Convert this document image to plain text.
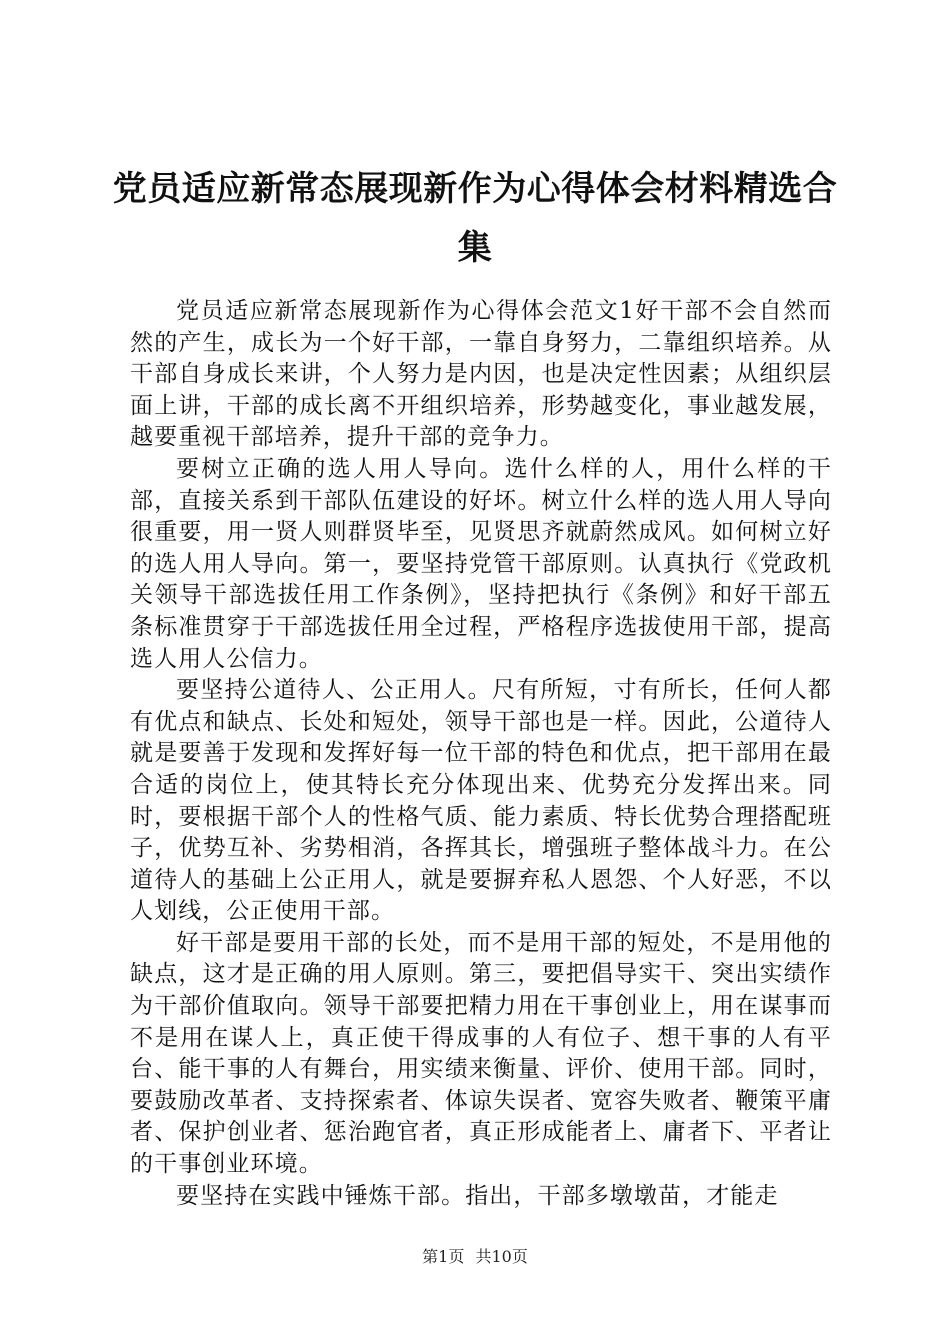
党员适应新常态展现新作为心得体会材料精选合集

党员适应新常态展现新作为心得体会范文1好干部不会自然而然的产生，成长为一个好干部，一靠自身努力，二靠组织培养。从干部自身成长来讲，个人努力是内因，也是决定性因素；从组织层面上讲，干部的成长离不开组织培养，形势越变化，事业越发展，越要重视干部培养，提升干部的竞争力。

要树立正确的选人用人导向。选什么样的人，用什么样的干部，直接关系到干部队伍建设的好坏。树立什么样的选人用人导向很重要，用一贤人则群贤毕至，见贤思齐就蔚然成风。如何树立好的选人用人导向。第一，要坚持党管干部原则。认真执行《党政机关领导干部选拔任用工作条例》，坚持把执行《条例》和好干部五条标准贯穿于干部选拔任用全过程，严格程序选拔使用干部，提高选人用人公信力。

要坚持公道待人、公正用人。尺有所短，寸有所长，任何人都有优点和缺点、长处和短处，领导干部也是一样。因此，公道待人就是要善于发现和发挥好每一位干部的特色和优点，把干部用在最合适的岗位上，使其特长充分体现出来、优势充分发挥出来。同时，要根据干部个人的性格气质、能力素质、特长优势合理搭配班子，优势互补、劣势相消，各挥其长，增强班子整体战斗力。在公道待人的基础上公正用人，就是要摒弃私人恩怨、个人好恶，不以人划线，公正使用干部。

好干部是要用干部的长处，而不是用干部的短处，不是用他的缺点，这才是正确的用人原则。第三，要把倡导实干、突出实绩作为干部价值取向。领导干部要把精力用在干事创业上，用在谋事而不是用在谋人上，真正使干得成事的人有位子、想干事的人有平台、能干事的人有舞台，用实绩来衡量、评价、使用干部。同时，要鼓励改革者、支持探索者、体谅失误者、宽容失败者、鞭策平庸者、保护创业者、惩治跑官者，真正形成能者上、庸者下、平者让的干事创业环境。

要坚持在实践中锤炼干部。指出，干部多墩墩苗，才能走

第1页 共10页
